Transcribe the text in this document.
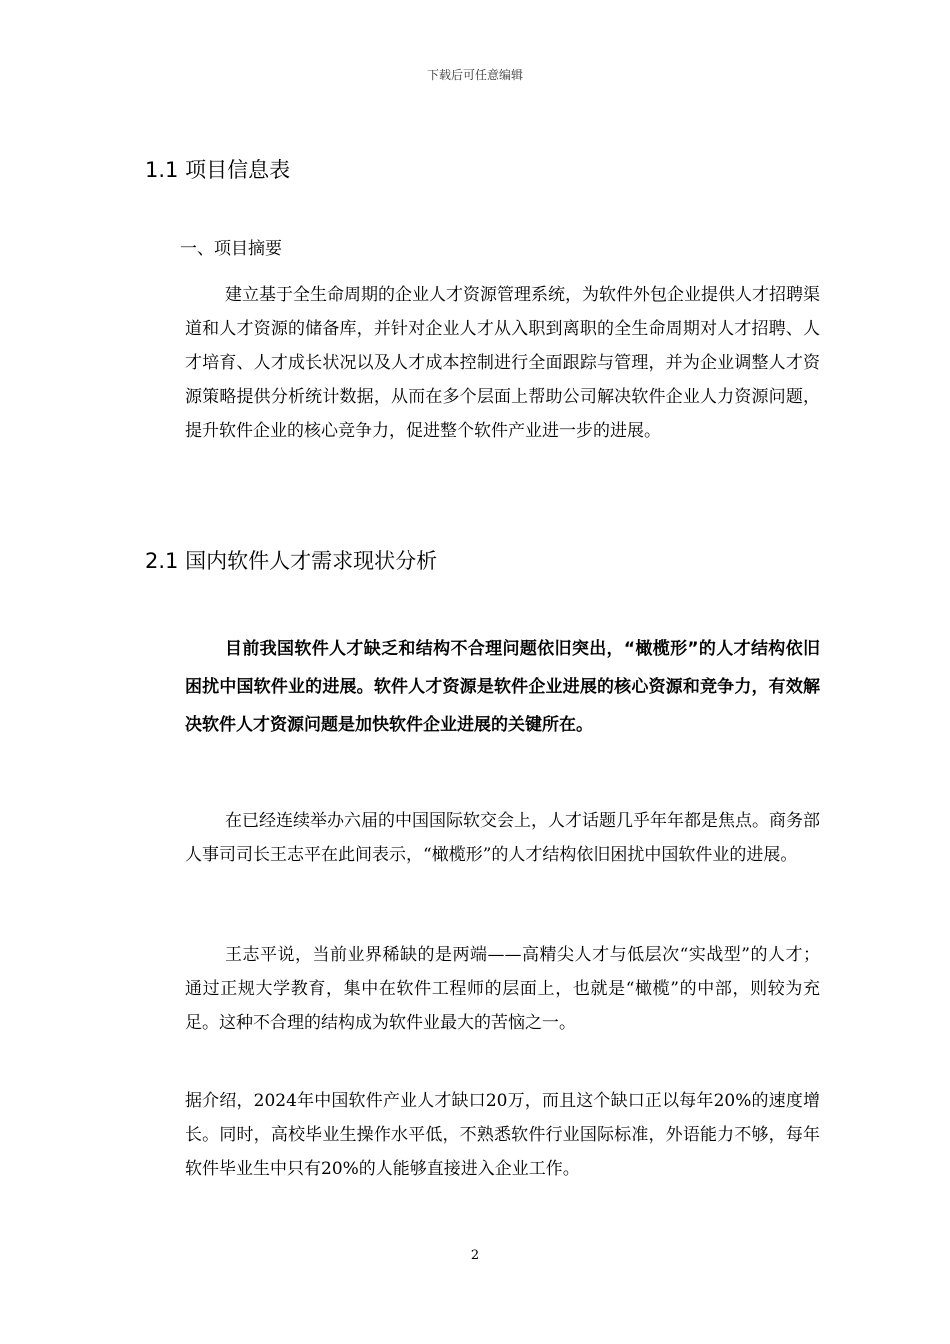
下载后可任意编辑
1.1 项目信息表

一、项目摘要

建立基于全生命周期的企业人才资源管理系统，为软件外包企业提供人才招聘渠道和人才资源的储备库，并针对企业人才从入职到离职的全生命周期对人才招聘、人才培育、人才成长状况以及人才成本控制进行全面跟踪与管理，并为企业调整人才资源策略提供分析统计数据，从而在多个层面上帮助公司解决软件企业人力资源问题，提升软件企业的核心竞争力，促进整个软件产业进一步的进展。

2.1 国内软件人才需求现状分析

目前我国软件人才缺乏和结构不合理问题依旧突出，“橄榄形”的人才结构依旧困扰中国软件业的进展。软件人才资源是软件企业进展的核心资源和竞争力，有效解决软件人才资源问题是加快软件企业进展的关键所在。

在已经连续举办六届的中国国际软交会上，人才话题几乎年年都是焦点。商务部人事司司长王志平在此间表示，“橄榄形”的人才结构依旧困扰中国软件业的进展。

王志平说，当前业界稀缺的是两端——高精尖人才与低层次“实战型”的人才；通过正规大学教育，集中在软件工程师的层面上，也就是“橄榄”的中部，则较为充足。这种不合理的结构成为软件业最大的苦恼之一。

据介绍，2024年中国软件产业人才缺口20万，而且这个缺口正以每年20%的速度增长。同时，高校毕业生操作水平低，不熟悉软件行业国际标准，外语能力不够，每年软件毕业生中只有20%的人能够直接进入企业工作。

2
